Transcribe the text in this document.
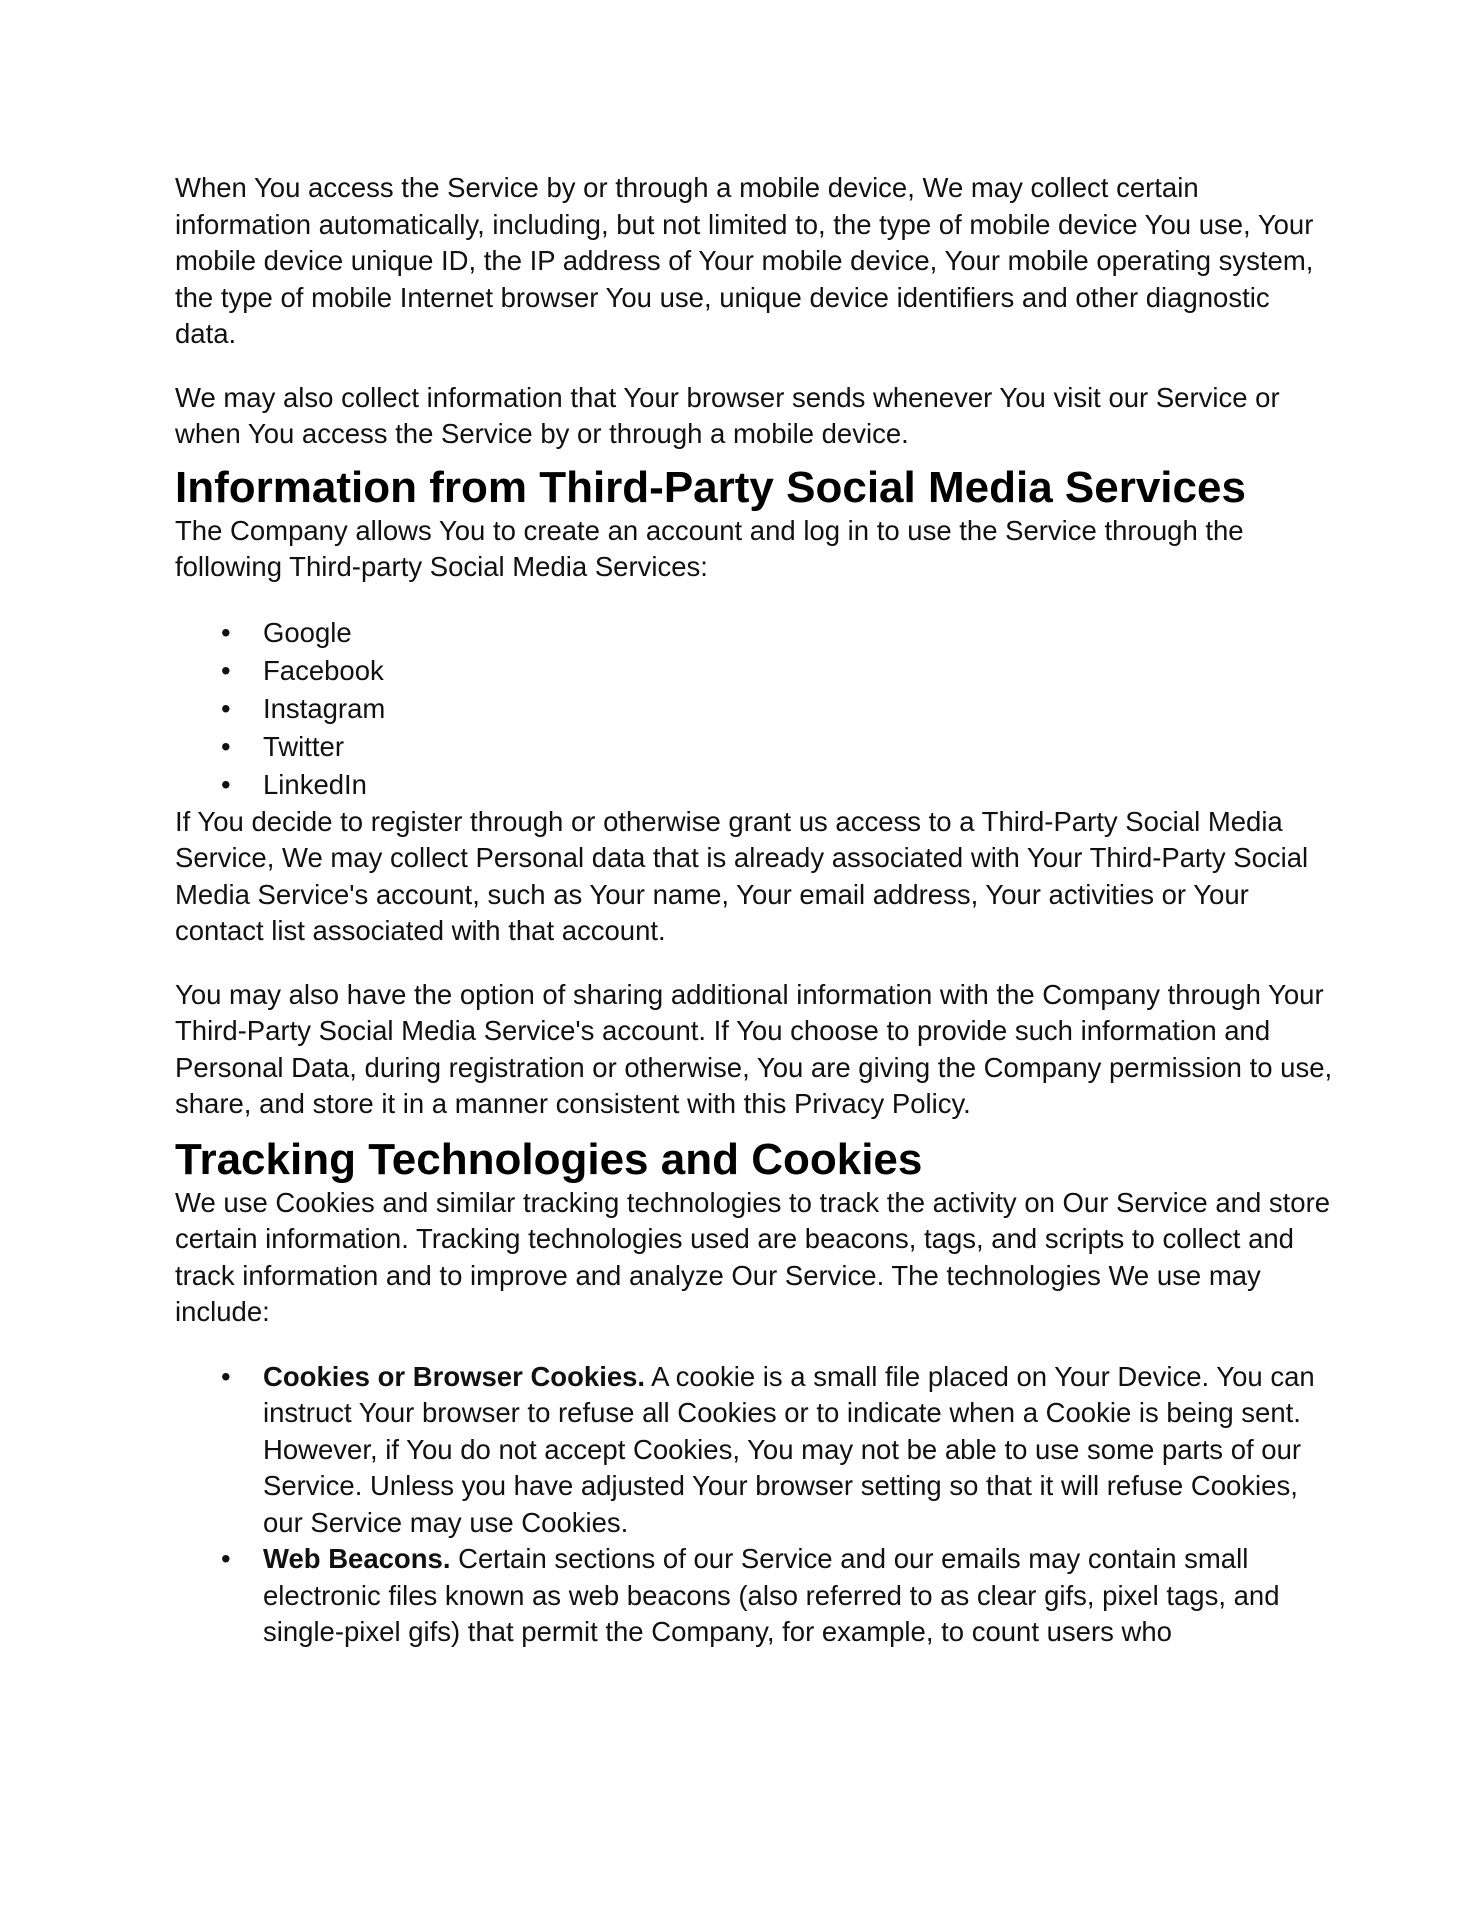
When You access the Service by or through a mobile device, We may collect certain information automatically, including, but not limited to, the type of mobile device You use, Your mobile device unique ID, the IP address of Your mobile device, Your mobile operating system, the type of mobile Internet browser You use, unique device identifiers and other diagnostic data.

We may also collect information that Your browser sends whenever You visit our Service or when You access the Service by or through a mobile device.

Information from Third-Party Social Media Services

The Company allows You to create an account and log in to use the Service through the following Third-party Social Media Services:

• Google
• Facebook
• Instagram
• Twitter
• LinkedIn

If You decide to register through or otherwise grant us access to a Third-Party Social Media Service, We may collect Personal data that is already associated with Your Third-Party Social Media Service's account, such as Your name, Your email address, Your activities or Your contact list associated with that account.

You may also have the option of sharing additional information with the Company through Your Third-Party Social Media Service's account. If You choose to provide such information and Personal Data, during registration or otherwise, You are giving the Company permission to use, share, and store it in a manner consistent with this Privacy Policy.

Tracking Technologies and Cookies

We use Cookies and similar tracking technologies to track the activity on Our Service and store certain information. Tracking technologies used are beacons, tags, and scripts to collect and track information and to improve and analyze Our Service. The technologies We use may include:

• Cookies or Browser Cookies. A cookie is a small file placed on Your Device. You can instruct Your browser to refuse all Cookies or to indicate when a Cookie is being sent. However, if You do not accept Cookies, You may not be able to use some parts of our Service. Unless you have adjusted Your browser setting so that it will refuse Cookies, our Service may use Cookies.
• Web Beacons. Certain sections of our Service and our emails may contain small electronic files known as web beacons (also referred to as clear gifs, pixel tags, and single-pixel gifs) that permit the Company, for example, to count users who
